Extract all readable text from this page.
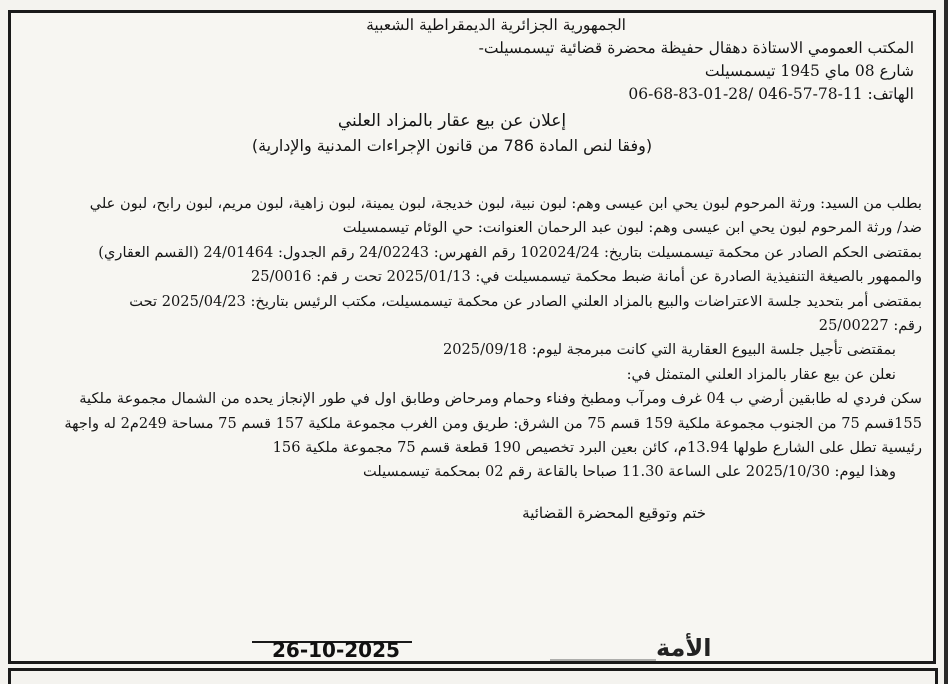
الجمهورية الجزائرية الديمقراطية الشعبية

المكتب العمومي الاستاذة دهقال حفيظة محضرة قضائية تيسمسيلت-

شارع 08 ماي 1945 تيسمسيلت

الهاتف: 06-68-83-01-28/ 046-57-78-11

إعلان عن بيع عقار بالمزاد العلني

(وفقا لنص المادة 786 من قانون الإجراءات المدنية والإدارية)

بطلب من السيد: ورثة المرحوم لبون يحي ابن عيسى وهم: لبون نبية، لبون خديجة، لبون يمينة، لبون زاهية، لبون مريم، لبون رابح، لبون علي

ضد/ ورثة المرحوم لبون يحي ابن عيسى وهم: لبون عبد الرحمان العنوانت: حي الوئام تيسمسيلت

بمقتضى الحكم الصادر عن محكمة تيسمسيلت بتاريخ: 102024/24 رقم الفهرس: 24/02243 رقم الجدول: 24/01464 (القسم العقاري)

والممهور بالصيغة التنفيذية الصادرة عن أمانة ضبط محكمة تيسمسيلت في: 2025/01/13 تحت ر قم: 25/0016

بمقتضى أمر بتحديد جلسة الاعتراضات والبيع بالمزاد العلني الصادر عن محكمة تيسمسيلت، مكتب الرئيس بتاريخ: 2025/04/23 تحت

رقم: 25/00227

بمقتضى تأجيل جلسة البيوع العقارية التي كانت مبرمجة ليوم: 2025/09/18

نعلن عن بيع عقار بالمزاد العلني المتمثل في:

سكن فردي له طابقين أرضي ب 04 غرف ومرآب ومطبخ وفناء وحمام ومرحاض وطابق اول في طور الإنجاز يحده من الشمال مجموعة ملكية

155قسم 75 من الجنوب مجموعة ملكية 159 قسم 75 من الشرق: طريق ومن الغرب مجموعة ملكية 157 قسم 75 مساحة 249م2 له واجهة

رئيسية تطل على الشارع طولها 13.94م، كائن بعين البرد تخصيص 190 قطعة قسم 75 مجموعة ملكية 156

وهذا ليوم: 2025/10/30 على الساعة 11.30 صباحا بالقاعة رقم 02 بمحكمة تيسمسيلت

ختم وتوقيع المحضرة القضائية

26-10-2025	الأمة
